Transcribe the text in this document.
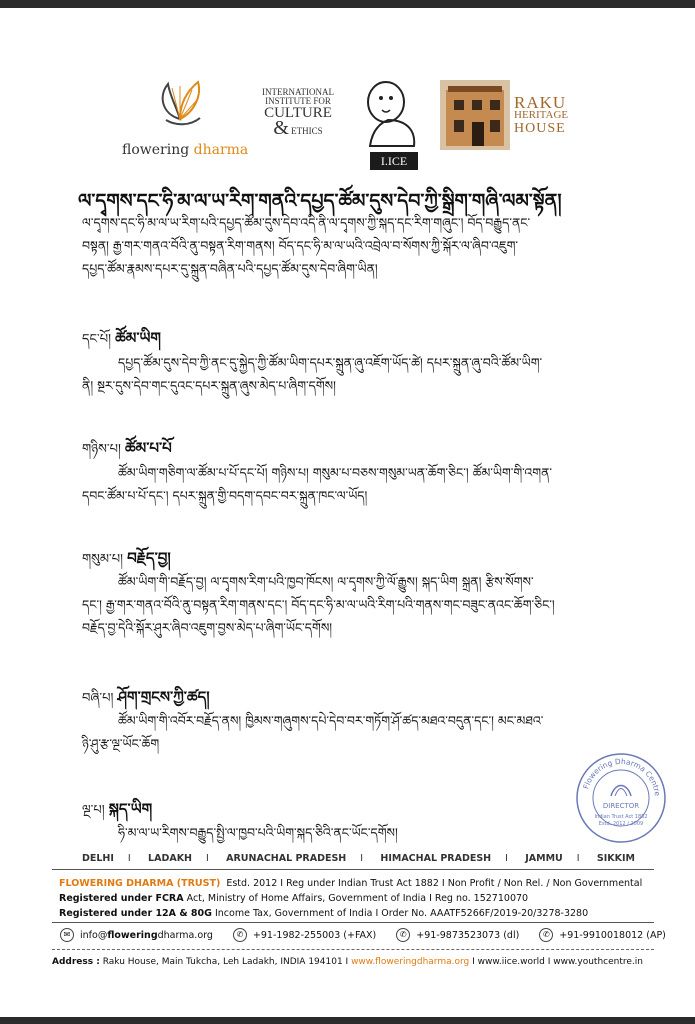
flowering dharma
INTERNATIONAL
INSTITUTE FOR
CULTURE
& ETHICS
I.ICE
RAKU
HERITAGE
HOUSE
ལ་དྭགས་དང་ཧི་མ་ལ་ཡ་རིག་གནའི་དཔྱད་ཚོམ་དུས་དེབ་ཀྱི་སྒྲིག་གཞི་ལམ་སྟོན།
ལ་དྭགས་དང་ཧི་མ་ལ་ཡ་རིག་པའི་དཔྱད་ཚོམ་དུས་དེབ་འདི་ནི་ལ་དྭགས་ཀྱི་སྐད་དང་རིག་གཞུང་། བོད་བརྒྱུད་ནང་
བསྟན། རྒྱ་གར་གནའ་བོའི་ནུ་བསྟན་རིག་གནས། བོད་དང་ཧི་མ་ལ་ཡའི་འབྲེལ་བ་སོགས་ཀྱི་སྐོར་ལ་ཞིབ་འཇུག་
དཔྱད་ཚོམ་རྣམས་དཔར་དུ་སྐྲུན་བཞིན་པའི་དཔྱད་ཚོམ་དུས་དེབ་ཞིག་ཡིན།
དང་པོ། ཚོམ་ཡིག
དཔྱད་ཚོམ་དུས་དེབ་ཀྱི་ནང་དུ་སྐྱེད་ཀྱི་ཚོམ་ཡིག་དཔར་སྐྲུན་ཞུ་འཇོག་ཡོད་ཚེ། དཔར་སྐྲུན་ཞུ་བའི་ཚོམ་ཡིག་
ནི། སྔར་དུས་དེབ་གང་དུའང་དཔར་སྐྲུན་ཞུས་མེད་པ་ཞིག་དགོས།
གཉིས་པ། ཚོམ་པ་པོ
ཚོམ་ཡིག་གཅིག་ལ་ཚོམ་པ་པོ་དང་པོ། གཉིས་པ། གསུམ་པ་བཅས་གསུམ་ཡན་ཆོག་ཅིང་། ཚོམ་ཡིག་གི་འགན་
དབང་ཚོམ་པ་པོ་དང་། དཔར་སྐྲུན་གྱི་བདག་དབང་བར་སྐྲུན་ཁང་ལ་ཡོད།
གསུམ་པ། བརྗོད་བྱ།
ཚོམ་ཡིག་གི་བརྗོད་བྱ། ལ་དྭགས་རིག་པའི་ཁྱབ་ཁོངས། ལ་དྭགས་ཀྱི་ལོ་རྒྱུས། སྐད་ཡིག སྐྲན། རྩིས་སོགས་
དང་། རྒྱ་གར་གནའ་བོའི་ནུ་བསྟན་རིག་གནས་དང་། བོད་དང་ཧི་མ་ལ་ཡའི་རིག་པའི་གནས་གང་བཟུང་ནའང་ཆོག་ཅིང་།
བརྗོད་བྱ་དེའི་སྐོར་ཤུར་ཞིབ་འཇུག་བྱས་མེད་པ་ཞིག་ཡོང་དགོས།
བཞི་པ། ཤོག་གྲངས་ཀྱི་ཚད།
ཚོམ་ཡིག་གི་འབོར་བརྗོད་ནས། ཁྱིམས་གཞུགས་དཔེ་དེབ་བར་གཏོག་ཤོ་ཚད་མཐའ་བདུན་དང་། མང་མཐའ་
ཉི་ཤུ་རྩ་ལྔ་ཡོང་ཆོག
ལྔ་པ། སྐད་ཡིག
ཧི་མ་ལ་ཡ་རིགས་བརྒྱུད་སྤྱི་ལ་ཁྱབ་པའི་ཡིག་སྐད་ཅིའི་ནང་ཡོང་དགོས།
Flowering Dharma Centre
DIRECTOR
Indian Trust Act 1882
Estd. 2012 / 2009
DELHI I LADAKH I ARUNACHAL PRADESH I HIMACHAL PRADESH I JAMMU I SIKKIM
FLOWERING DHARMA (TRUST) Estd. 2012 I Reg under Indian Trust Act 1882 I Non Profit / Non Rel. / Non Governmental
Registered under FCRA Act, Ministry of Home Affairs, Government of India I Reg no. 152710070
Registered under 12A & 80G Income Tax, Government of India I Order No. AAATF5266F/2019-20/3278-3280
✉	info@ flowering dharma.org	✆	+91-1982-255003 (+FAX)	✆	+91-9873523073 (dl)	✆	+91-9910018012 (AP)
Address : Raku House, Main Tukcha, Leh Ladakh, INDIA 194101 I www.floweringdharma.org I www.iice.world I www.youthcentre.in
